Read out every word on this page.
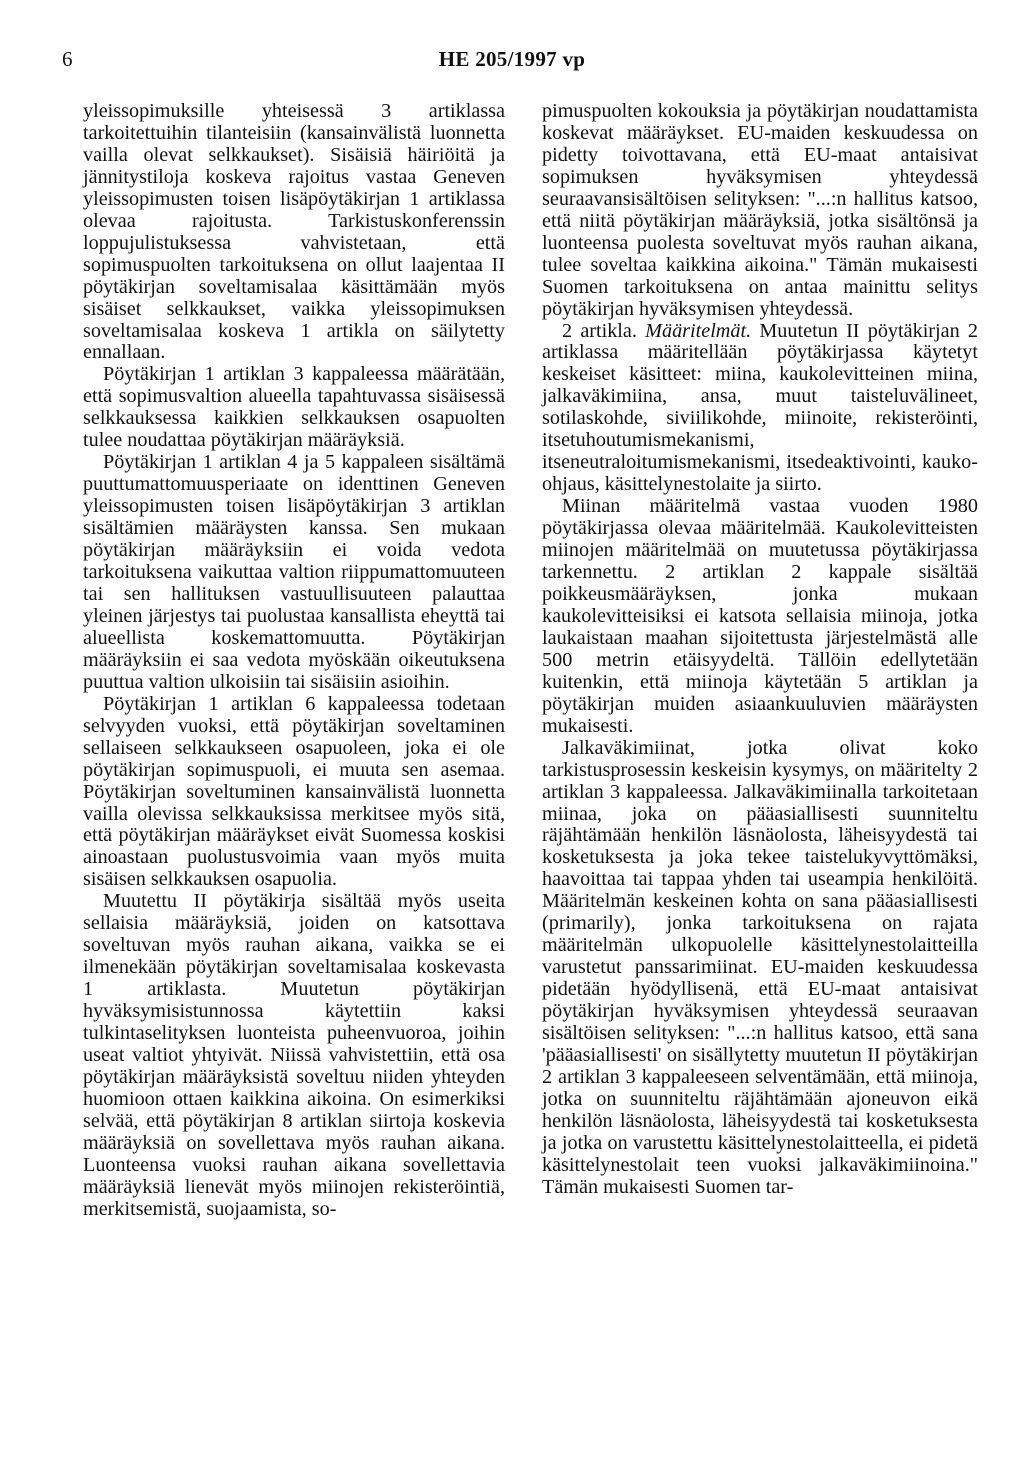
6	HE 205/1997 vp

yleissopimuksille yhteisessä 3 artiklassa tarkoitettuihin tilanteisiin (kansainvälistä luonnetta vailla olevat selkkaukset). Sisäisiä häiriöitä ja jännitystiloja koskeva rajoitus vastaa Geneven yleissopimusten toisen lisäpöytäkirjan 1 artiklassa olevaa rajoitusta. Tarkistuskonferenssin loppujulistuksessa vahvistetaan, että sopimuspuolten tarkoituksena on ollut laajentaa II pöytäkirjan soveltamisalaa käsittämään myös sisäiset selkkaukset, vaikka yleissopimuksen soveltamisalaa koskeva 1 artikla on säilytetty ennallaan.

Pöytäkirjan 1 artiklan 3 kappaleessa määrätään, että sopimusvaltion alueella tapahtuvassa sisäisessä selkkauksessa kaikkien selkkauksen osapuolten tulee noudattaa pöytäkirjan määräyksiä.

Pöytäkirjan 1 artiklan 4 ja 5 kappaleen sisältämä puuttumattomuusperiaate on identtinen Geneven yleissopimusten toisen lisäpöytäkirjan 3 artiklan sisältämien määräysten kanssa. Sen mukaan pöytäkirjan määräyksiin ei voida vedota tarkoituksena vaikuttaa valtion riippumattomuuteen tai sen hallituksen vastuullisuuteen palauttaa yleinen järjestys tai puolustaa kansallista eheyttä tai alueellista koskemattomuutta. Pöytäkirjan määräyksiin ei saa vedota myöskään oikeutuksena puuttua valtion ulkoisiin tai sisäisiin asioihin.

Pöytäkirjan 1 artiklan 6 kappaleessa todetaan selvyyden vuoksi, että pöytäkirjan soveltaminen sellaiseen selkkaukseen osapuoleen, joka ei ole pöytäkirjan sopimuspuoli, ei muuta sen asemaa. Pöytäkirjan soveltuminen kansainvälistä luonnetta vailla olevissa selkkauksissa merkitsee myös sitä, että pöytäkirjan määräykset eivät Suomessa koskisi ainoastaan puolustusvoimia vaan myös muita sisäisen selkkauksen osapuolia.

Muutettu II pöytäkirja sisältää myös useita sellaisia määräyksiä, joiden on katsottava soveltuvan myös rauhan aikana, vaikka se ei ilmenekään pöytäkirjan soveltamisalaa koskevasta 1 artiklasta. Muutetun pöytäkirjan hyväksymisistunnossa käytettiin kaksi tulkintaselityksen luonteista puheenvuoroa, joihin useat valtiot yhtyivät. Niissä vahvistettiin, että osa pöytäkirjan määräyksistä soveltuu niiden yhteyden huomioon ottaen kaikkina aikoina. On esimerkiksi selvää, että pöytäkirjan 8 artiklan siirtoja koskevia määräyksiä on sovellettava myös rauhan aikana. Luonteensa vuoksi rauhan aikana sovellettavia määräyksiä lienevät myös miinojen rekisteröintiä, merkitsemistä, suojaamista, so-

pimuspuolten kokouksia ja pöytäkirjan noudattamista koskevat määräykset. EU-maiden keskuudessa on pidetty toivottavana, että EU-maat antaisivat sopimuksen hyväksymisen yhteydessä seuraavansisältöisen selityksen: "...:n hallitus katsoo, että niitä pöytäkirjan määräyksiä, jotka sisältönsä ja luonteensa puolesta soveltuvat myös rauhan aikana, tulee soveltaa kaikkina aikoina." Tämän mukaisesti Suomen tarkoituksena on antaa mainittu selitys pöytäkirjan hyväksymisen yhteydessä.

2 artikla. Määritelmät. Muutetun II pöytäkirjan 2 artiklassa määritellään pöytäkirjassa käytetyt keskeiset käsitteet: miina, kaukolevitteinen miina, jalkaväkimiina, ansa, muut taisteluvälineet, sotilaskohde, siviilikohde, miinoite, rekisteröinti, itsetuhoutumismekanismi, itseneutraloitumismekanismi, itsedeaktivointi, kauko-ohjaus, käsittelynestolaite ja siirto.

Miinan määritelmä vastaa vuoden 1980 pöytäkirjassa olevaa määritelmää. Kaukolevitteisten miinojen määritelmää on muutetussa pöytäkirjassa tarkennettu. 2 artiklan 2 kappale sisältää poikkeusmääräyksen, jonka mukaan kaukolevitteisiksi ei katsota sellaisia miinoja, jotka laukaistaan maahan sijoitettusta järjestelmästä alle 500 metrin etäisyydeltä. Tällöin edellytetään kuitenkin, että miinoja käytetään 5 artiklan ja pöytäkirjan muiden asiaankuuluvien määräysten mukaisesti.

Jalkaväkimiinat, jotka olivat koko tarkistusprosessin keskeisin kysymys, on määritelty 2 artiklan 3 kappaleessa. Jalkaväkimiinalla tarkoitetaan miinaa, joka on pääasiallisesti suunniteltu räjähtämään henkilön läsnäolosta, läheisyydestä tai kosketuksesta ja joka tekee taistelukyvyttömäksi, haavoittaa tai tappaa yhden tai useampia henkilöitä. Määritelmän keskeinen kohta on sana pääasiallisesti (primarily), jonka tarkoituksena on rajata määritelmän ulkopuolelle käsittelynestolaitteilla varustetut panssarimiinat. EU-maiden keskuudessa pidetään hyödyllisenä, että EU-maat antaisivat pöytäkirjan hyväksymisen yhteydessä seuraavan sisältöisen selityksen: "...:n hallitus katsoo, että sana 'pääasiallisesti' on sisällytetty muutetun II pöytäkirjan 2 artiklan 3 kappaleeseen selventämään, että miinoja, jotka on suunniteltu räjähtämään ajoneuvon eikä henkilön läsnäolosta, läheisyydestä tai kosketuksesta ja jotka on varustettu käsittelynestolaitteella, ei pidetä käsittelynestolait teen vuoksi jalkaväkimiinoina." Tämän mukaisesti Suomen tar-
